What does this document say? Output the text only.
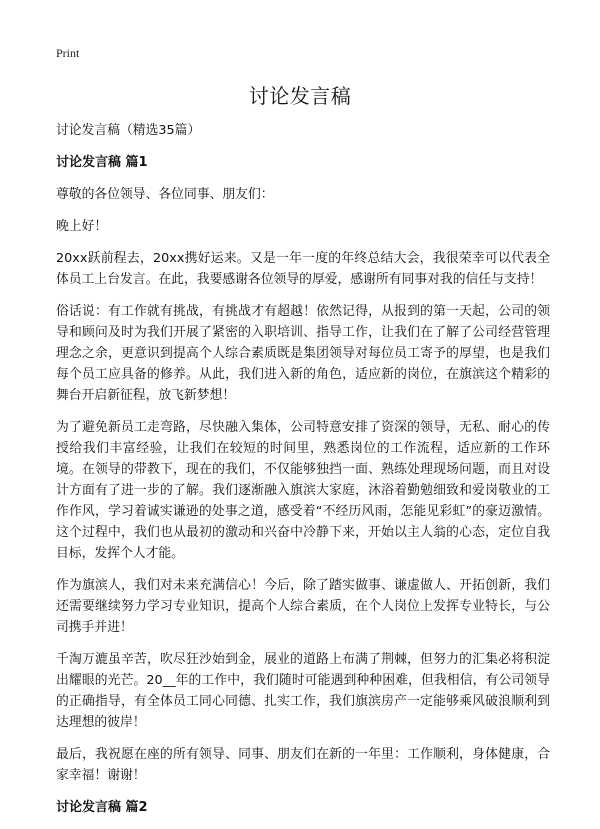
Print
讨论发言稿

讨论发言稿（精选35篇）

讨论发言稿 篇1

尊敬的各位领导、各位同事、朋友们：

晚上好！

20xx跃前程去，20xx携好运来。又是一年一度的年终总结大会，我很荣幸可以代表全体员工上台发言。在此，我要感谢各位领导的厚爱，感谢所有同事对我的信任与支持！

俗话说：有工作就有挑战，有挑战才有超越！依然记得，从报到的第一天起，公司的领导和顾问及时为我们开展了紧密的入职培训、指导工作，让我们在了解了公司经营管理理念之余，更意识到提高个人综合素质既是集团领导对每位员工寄予的厚望，也是我们每个员工应具备的修养。从此，我们进入新的角色，适应新的岗位，在旗滨这个精彩的舞台开启新征程，放飞新梦想！

为了避免新员工走弯路，尽快融入集体，公司特意安排了资深的领导，无私、耐心的传授给我们丰富经验，让我们在较短的时间里，熟悉岗位的工作流程，适应新的工作环境。在领导的带教下，现在的我们，不仅能够独挡一面、熟练处理现场问题，而且对设计方面有了进一步的了解。我们逐渐融入旗滨大家庭，沐浴着勤勉细致和爱岗敬业的工作作风，学习着诚实谦逊的处事之道，感受着“不经历风雨，怎能见彩虹”的豪迈激情。这个过程中，我们也从最初的激动和兴奋中冷静下来，开始以主人翁的心态，定位自我目标，发挥个人才能。

作为旗滨人，我们对未来充满信心！今后，除了踏实做事、谦虚做人、开拓创新，我们还需要继续努力学习专业知识，提高个人综合素质，在个人岗位上发挥专业特长，与公司携手并进！

千淘万漉虽辛苦，吹尽狂沙始到金，展业的道路上布满了荆棘，但努力的汇集必将积淀出耀眼的光芒。20__年的工作中，我们随时可能遇到种种困难，但我相信，有公司领导的正确指导，有全体员工同心同德、扎实工作，我们旗滨房产一定能够乘风破浪顺利到达理想的彼岸！

最后，我祝愿在座的所有领导、同事、朋友们在新的一年里：工作顺利，身体健康，合家幸福！谢谢！

讨论发言稿 篇2
